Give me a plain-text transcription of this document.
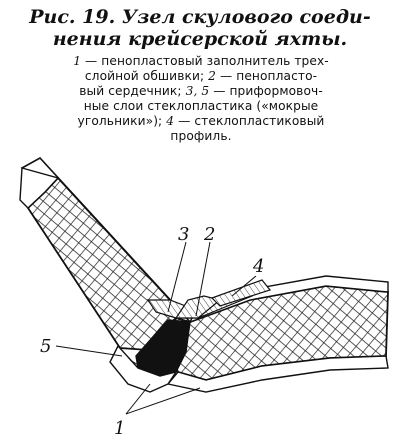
Рис. 19. Узел скулового соеди-
нения крейсерской яхты.
1 — пенопластовый заполнитель трех-
слойной обшивки; 2 — пенопласто-
вый сердечник; 3, 5 — приформовоч-
ные слои стеклопластика («мокрые
угольники»); 4 — стеклопластиковый
профиль.
3 2
4
5
1
